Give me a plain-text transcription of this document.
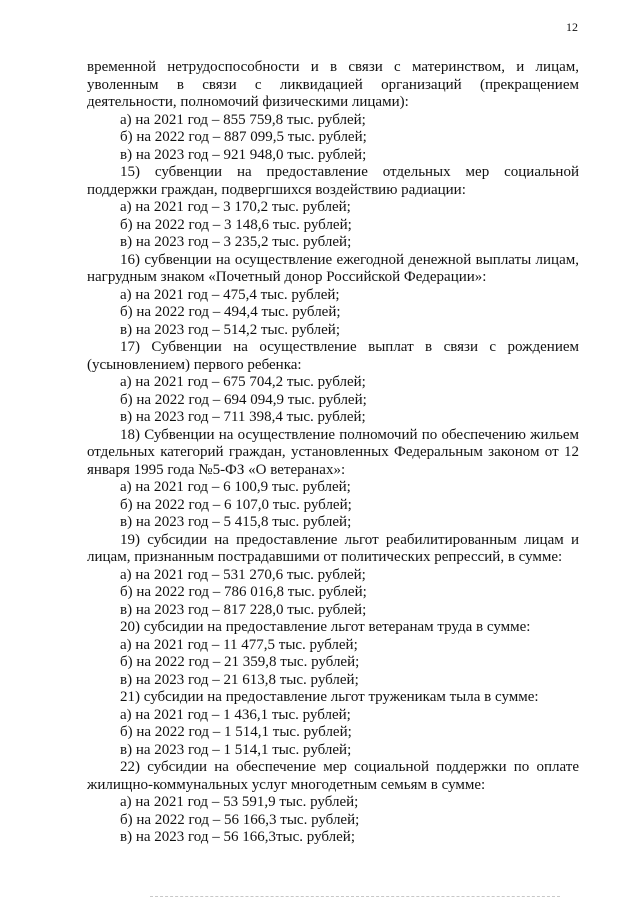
12

временной нетрудоспособности и в связи с материнством, и лицам, уволенным в связи с ликвидацией организаций (прекращением деятельности, полномочий физическими лицами):

а) на 2021 год – 855 759,8 тыс. рублей;

б) на 2022 год – 887 099,5 тыс. рублей;

в) на 2023 год – 921 948,0 тыс. рублей;

15) субвенции на предоставление отдельных мер социальной поддержки граждан, подвергшихся воздействию радиации:

а) на 2021 год – 3 170,2 тыс. рублей;

б) на 2022 год – 3 148,6 тыс. рублей;

в) на 2023 год – 3 235,2 тыс. рублей;

16) субвенции на осуществление ежегодной денежной выплаты лицам, нагрудным знаком «Почетный донор Российской Федерации»:

а) на 2021 год – 475,4 тыс. рублей;

б) на 2022 год – 494,4 тыс. рублей;

в) на 2023 год – 514,2 тыс. рублей;

17) Субвенции на осуществление выплат в связи с рождением (усыновлением) первого ребенка:

а) на 2021 год – 675 704,2 тыс. рублей;

б) на 2022 год – 694 094,9 тыс. рублей;

в) на 2023 год – 711 398,4 тыс. рублей;

18) Субвенции на осуществление полномочий по обеспечению жильем отдельных категорий граждан, установленных Федеральным законом от 12 января 1995 года №5-ФЗ «О ветеранах»:

а) на 2021 год – 6 100,9 тыс. рублей;

б) на 2022 год – 6 107,0 тыс. рублей;

в) на 2023 год – 5 415,8 тыс. рублей;

19) субсидии на предоставление льгот реабилитированным лицам и лицам, признанным пострадавшими от политических репрессий, в сумме:

а) на 2021 год – 531 270,6 тыс. рублей;

б) на 2022 год – 786 016,8 тыс. рублей;

в) на 2023 год – 817 228,0 тыс. рублей;

20) субсидии на предоставление льгот ветеранам труда в сумме:

а) на 2021 год – 11 477,5 тыс. рублей;

б) на 2022 год – 21 359,8 тыс. рублей;

в) на 2023 год – 21 613,8 тыс. рублей;

21) субсидии на предоставление льгот труженикам тыла в сумме:

а) на 2021 год – 1 436,1 тыс. рублей;

б) на 2022 год – 1 514,1 тыс. рублей;

в) на 2023 год – 1 514,1 тыс. рублей;

22) субсидии на обеспечение мер социальной поддержки по оплате жилищно-коммунальных услуг многодетным семьям в сумме:

а) на 2021 год – 53 591,9 тыс. рублей;

б) на 2022 год – 56 166,3 тыс. рублей;

в) на 2023 год – 56 166,3тыс. рублей;
